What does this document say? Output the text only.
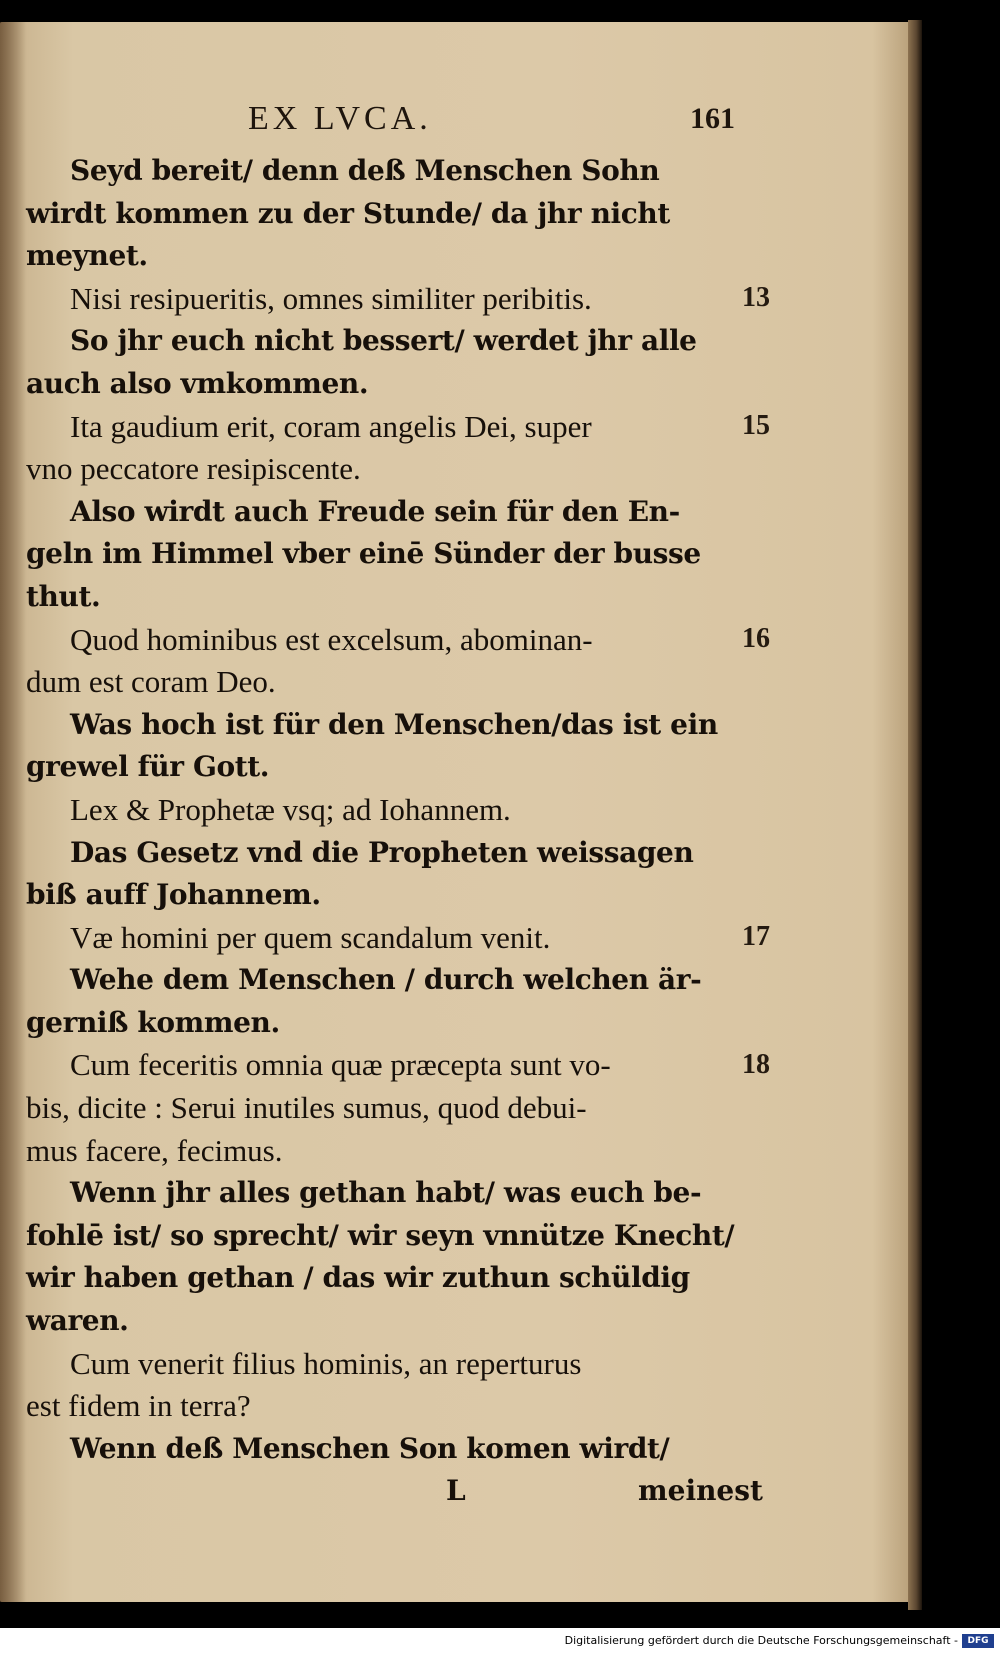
EX LVCA.	161
Seyd bereit/ denn deß Menschen Sohn
wirdt kommen zu der Stunde/ da jhr nicht
meynet.
Nisi resipueritis, omnes similiter peribitis.
So jhr euch nicht bessert/ werdet jhr alle
auch also vmkommen.
Ita gaudium erit, coram angelis Dei, super
vno peccatore resipiscente.
Also wirdt auch Freude sein für den En-
geln im Himmel vber einē Sünder der busse
thut.
Quod hominibus est excelsum, abominan-
dum est coram Deo.
Was hoch ist für den Menschen/das ist ein
grewel für Gott.
Lex & Prophetæ vsq; ad Iohannem.
Das Gesetz vnd die Propheten weissagen
biß auff Johannem.
Væ homini per quem scandalum venit.
Wehe dem Menschen / durch welchen är-
gerniß kommen.
Cum feceritis omnia quæ præcepta sunt vo-
bis, dicite : Serui inutiles sumus, quod debui-
mus facere, fecimus.
Wenn jhr alles gethan habt/ was euch be-
fohlē ist/ so sprecht/ wir seyn vnnütze Knecht/
wir haben gethan / das wir zuthun schüldig
waren.
Cum venerit filius hominis, an reperturus
est fidem in terra?
Wenn deß Menschen Son komen wirdt/
L	meinest
Digitalisierung gefördert durch die Deutsche Forschungsgemeinschaft -	DFG
13
15
16
17
18
